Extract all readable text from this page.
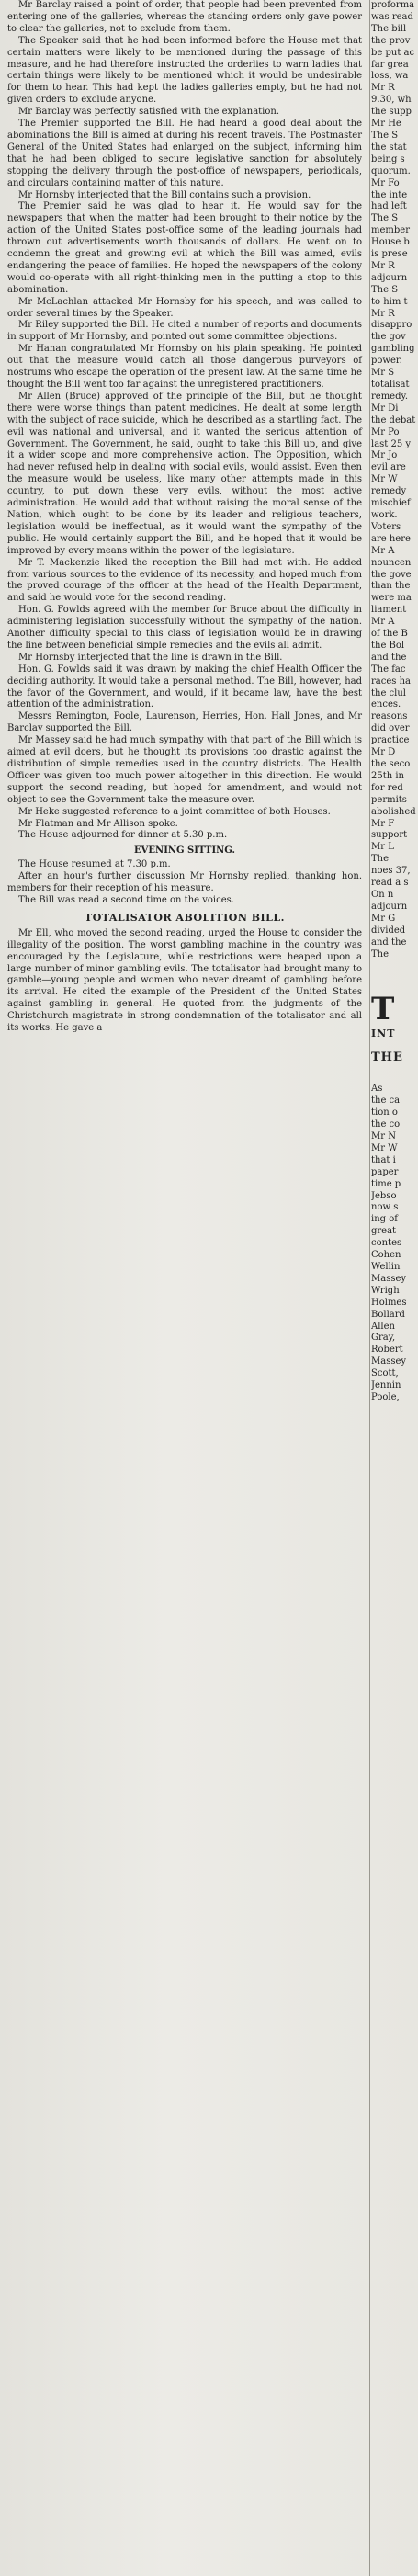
Mr Barclay raised a point of order, that people had been prevented from entering one of the galleries, whereas the standing orders only gave power to clear the galleries, not to exclude from them.

The Speaker said that he had been informed before the House met that certain matters were likely to be mentioned during the passage of this measure, and he had therefore instructed the orderlies to warn ladies that certain things were likely to be mentioned which it would be undesirable for them to hear. This had kept the ladies galleries empty, but he had not given orders to exclude anyone.

Mr Barclay was perfectly satisfied with the explanation.

The Premier supported the Bill. He had heard a good deal about the abominations the Bill is aimed at during his recent travels. The Postmaster General of the United States had enlarged on the subject, informing him that he had been obliged to secure legislative sanction for absolutely stopping the delivery through the post-office of newspapers, periodicals, and circulars containing matter of this nature.

Mr Hornsby interjected that the Bill contains such a provision.

The Premier said he was glad to hear it. He would say for the newspapers that when the matter had been brought to their notice by the action of the United States post-office some of the leading journals had thrown out advertisements worth thousands of dollars. He went on to condemn the great and growing evil at which the Bill was aimed, evils endangering the peace of families. He hoped the newspapers of the colony would co-operate with all right-thinking men in the putting a stop to this abomination.

Mr McLachlan attacked Mr Hornsby for his speech, and was called to order several times by the Speaker.

Mr Riley supported the Bill. He cited a number of reports and documents in support of Mr Hornsby, and pointed out some committee objections.

Mr Hanan congratulated Mr Hornsby on his plain speaking. He pointed out that the measure would catch all those dangerous purveyors of nostrums who escape the operation of the present law. At the same time he thought the Bill went too far against the unregistered practitioners.

Mr Allen (Bruce) approved of the principle of the Bill, but he thought there were worse things than patent medicines. He dealt at some length with the subject of race suicide, which he described as a startling fact. The evil was national and universal, and it wanted the serious attention of Government. The Government, he said, ought to take this Bill up, and give it a wider scope and more comprehensive action. The Opposition, which had never refused help in dealing with social evils, would assist. Even then the measure would be useless, like many other attempts made in this country, to put down these very evils, without the most active administration. He would add that without raising the moral sense of the Nation, which ought to be done by its leader and religious teachers, legislation would be ineffectual, as it would want the sympathy of the public. He would certainly support the Bill, and he hoped that it would be improved by every means within the power of the legislature.

Mr T. Mackenzie liked the reception the Bill had met with. He added from various sources to the evidence of its necessity, and hoped much from the proved courage of the officer at the head of the Health Department, and said he would vote for the second reading.

Hon. G. Fowlds agreed with the member for Bruce about the difficulty in administering legislation successfully without the sympathy of the nation. Another difficulty special to this class of legislation would be in drawing the line between beneficial simple remedies and the evils all admit.

Mr Hornsby interjected that the line is drawn in the Bill.

Hon. G. Fowlds said it was drawn by making the chief Health Officer the deciding authority. It would take a personal method. The Bill, however, had the favor of the Government, and would, if it became law, have the best attention of the administration.

Messrs Remington, Poole, Laurenson, Herries, Hon. Hall Jones, and Mr Barclay supported the Bill.

Mr Massey said he had much sympathy with that part of the Bill which is aimed at evil doers, but he thought its provisions too drastic against the distribution of simple remedies used in the country districts. The Health Officer was given too much power altogether in this direction. He would support the second reading, but hoped for amendment, and would not object to see the Government take the measure over.

Mr Heke suggested reference to a joint committee of both Houses.

Mr Flatman and Mr Allison spoke.

The House adjourned for dinner at 5.30 p.m.

EVENING SITTING.

The House resumed at 7.30 p.m.

After an hour's further discussion Mr Hornsby replied, thanking hon. members for their reception of his measure.

The Bill was read a second time on the voices.

TOTALISATOR ABOLITION BILL.

Mr Ell, who moved the second reading, urged the House to consider the illegality of the position. The worst gambling machine in the country was encouraged by the Legislature, while restrictions were heaped upon a large number of minor gambling evils. The totalisator had brought many to gamble—young people and women who never dreamt of gambling before its arrival. He cited the example of the President of the United States against gambling in general. He quoted from the judgments of the Christchurch magistrate in strong condemnation of the totalisator and all its works. He gave a

proforma

was read

The bill

the prov

be put ac

far grea

loss, wa

Mr R

9.30, wh

the supp

Mr He

The S

the stat

being s

quorum.

Mr Fo

the inte

had left

The S

member

House b

is prese

Mr R

adjourn

The S

to him t

Mr R

disappro

the gov

gambling

power.

Mr S

totalisat

remedy.

Mr Di

the debat

Mr Po

last 25 y

Mr Jo

evil are

Mr W

remedy

mischief

work.

Voters

are here

Mr A

nouncen

the gove

than the

were ma

liament

Mr A

of the B

the Bol

and the

The fac

races ha

the clul

ences.

reasons

did over

practice

Mr D

the seco

25th in

for red

permits

abolished

Mr F

support

Mr L

The

noes 37,

read a s

On n

adjourn

Mr G

divided

and the

The

T
INT
THE

As

the ca

tion o

the co

Mr N

Mr W

that i

paper

time p

Jebso

now s

ing of

great

contes

Cohen

Wellin

Massey

Wrigh

Holmes

Bollard

Allen

Gray,

Robert

Massey

Scott,

Jennin

Poole,
